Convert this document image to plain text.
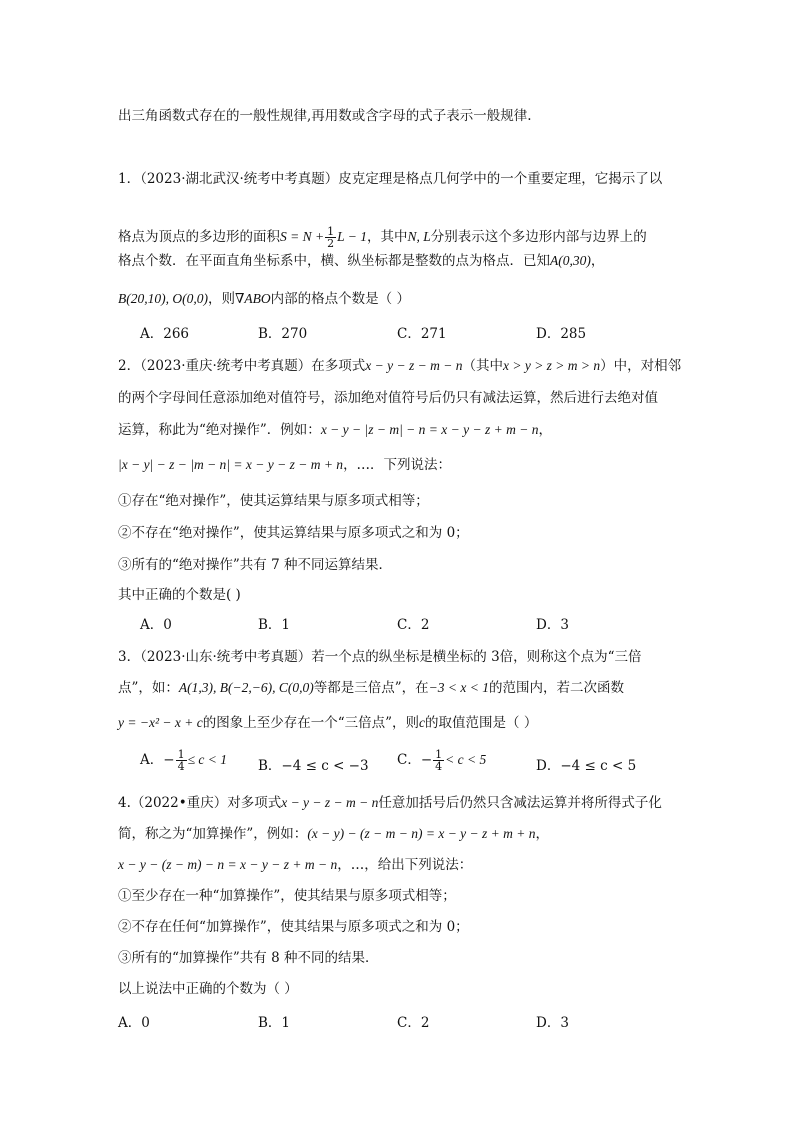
出三角函数式存在的一般性规律,再用数或含字母的式子表示一般规律.
1．（2023·湖北武汉·统考中考真题）皮克定理是格点几何学中的一个重要定理，它揭示了以
格点为顶点的多边形的面积$S = N + \frac{1}{2}$ L − 1，其中N, L分别表示这个多边形内部与边界上的
格点个数．在平面直角坐标系中，横、纵坐标都是整数的点为格点．已知A(0,30)，
B(20,10), O(0,0)，则∇ABO内部的格点个数是（ ）
A．266	B．270	C．271	D．285
2．（2023·重庆·统考中考真题）在多项式x − y − z − m − n（其中x > y > z > m > n）中，对相邻
的两个字母间任意添加绝对值符号，添加绝对值符号后仍只有减法运算，然后进行去绝对值
运算，称此为“绝对操作”．例如：x − y − |z − m| − n = x − y − z + m − n，
|x − y| − z − |m − n| = x − y − z − m + n，…．下列说法：
①存在“绝对操作”，使其运算结果与原多项式相等；
②不存在“绝对操作”，使其运算结果与原多项式之和为 0；
③所有的“绝对操作”共有 7 种不同运算结果．
其中正确的个数是( )
A．0	B．1	C．2	D．3
3．（2023·山东·统考中考真题）若一个点的纵坐标是横坐标的 3倍，则称这个点为“三倍
点”，如：A(1,3), B(−2,−6), C(0,0)等都是三倍点”，在−3 < x < 1的范围内，若二次函数
y = −x² − x + c的图象上至少存在一个“三倍点”，则c的取值范围是（ ）
A．− $\frac{1}{4} \le c < 1$ B．−4 ≤ c < −3 C．− $\frac{1}{4} < c < 5$	D．−4 ≤ c < 5
4.（2022•重庆）对多项式x − y − z − m − n任意加括号后仍然只含减法运算并将所得式子化
简，称之为“加算操作”，例如：(x − y) − (z − m − n) = x − y − z + m + n，
x − y − (z − m) − n = x − y − z + m − n，…，给出下列说法：
①至少存在一种“加算操作”，使其结果与原多项式相等；
②不存在任何“加算操作”，使其结果与原多项式之和为 0；
③所有的“加算操作”共有 8 种不同的结果．
以上说法中正确的个数为（ ）
A．0	B．1	C．2	D．3
